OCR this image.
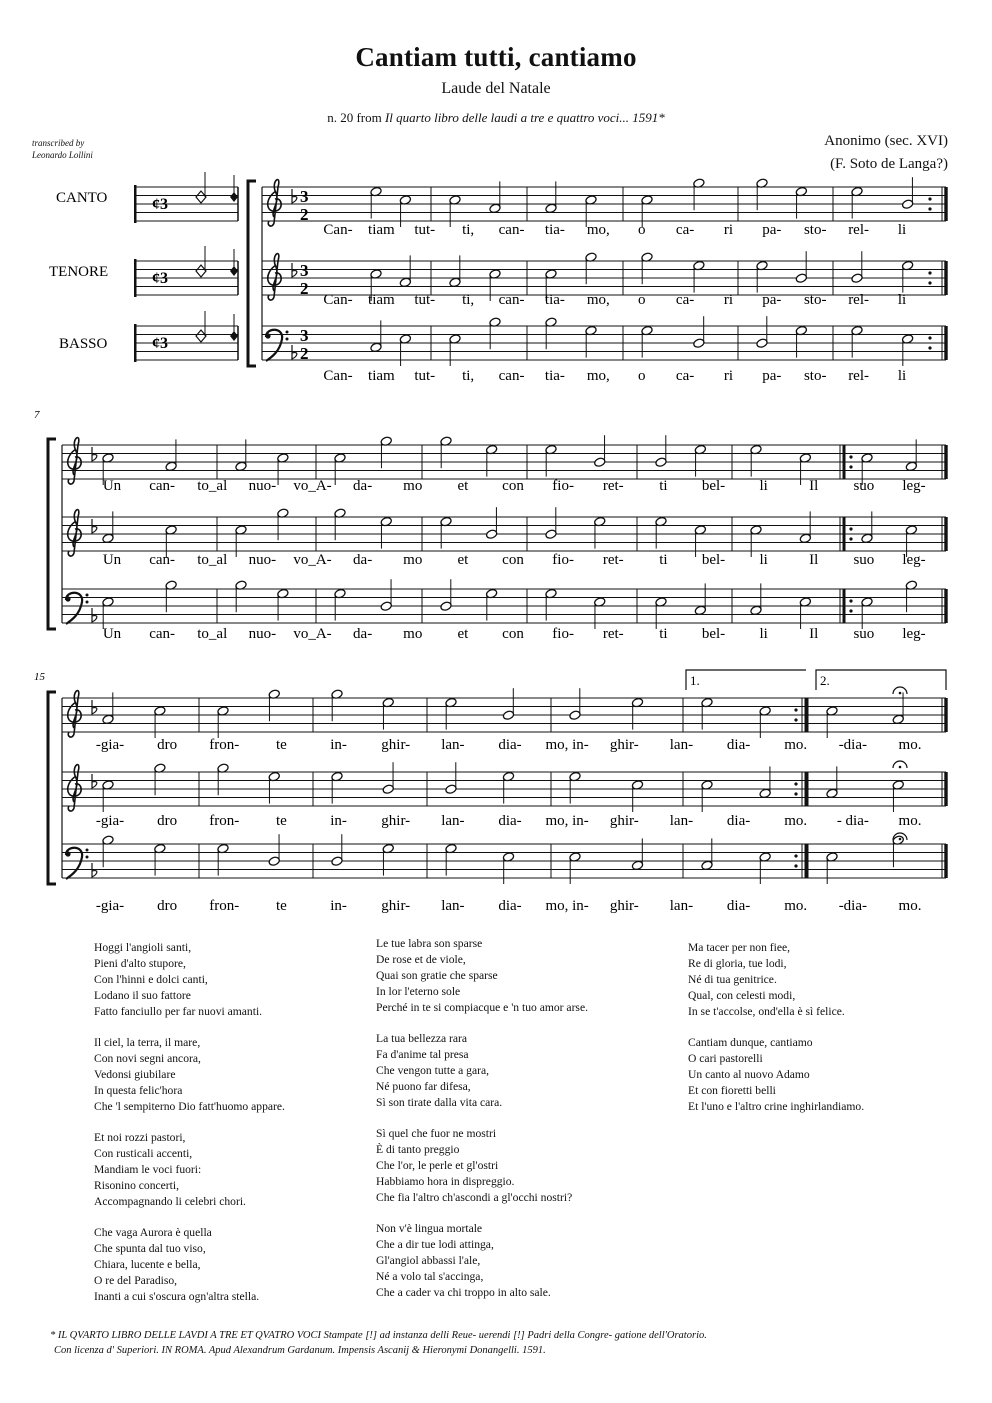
Cantiam tutti, cantiamo
Laude del Natale
n. 20 from Il quarto libro delle laudi a tre e quattro voci... 1591*
Anonimo (sec. XVI)
(F. Soto de Langa?)
transcribed by
Leonardo Lollini
¢3
¢3
¢3
3
2
3
2
3
2
CANTO
TENORE
BASSO
7
15	1.	2.
Can- tiam tut- ti, can- tia- mo, o ca- ri pa- sto- rel- li
Can- tiam tut- ti, can- tia- mo, o ca- ri pa- sto- rel- li
Can- tiam tut- ti, can- tia- mo, o ca- ri pa- sto- rel- li
Un can- to_al nuo- vo_A- da- mo et con fio- ret- ti bel- li	Il suo leg-
Un can- to_al nuo- vo_A- da- mo et con fio- ret- ti bel- li	Il suo leg-
Un can- to_al nuo- vo_A- da- mo et con fio- ret- ti bel- li	Il suo leg-
-gia- dro fron- te	in- ghir- lan- dia- mo, in- ghir- lan- dia- mo. -dia- mo.
-gia- dro fron- te	in- ghir- lan- dia- mo, in- ghir- lan- dia- mo. - dia- mo.
-gia- dro fron- te	in- ghir- lan- dia- mo, in- ghir- lan- dia- mo. -dia- mo.
Hoggi l'angioli santi,
Pieni d'alto stupore,
Con l'hinni e dolci canti,
Lodano il suo fattore
Fatto fanciullo per far nuovi amanti.
Il ciel, la terra, il mare,
Con novi segni ancora,
Vedonsi giubilare
In questa felic'hora
Che 'l sempiterno Dio fatt'huomo appare.
Et noi rozzi pastori,
Con rusticali accenti,
Mandiam le voci fuori:
Risonino concerti,
Accompagnando li celebri chori.
Che vaga Aurora è quella
Che spunta dal tuo viso,
Chiara, lucente e bella,
O re del Paradiso,
Inanti a cui s'oscura ogn'altra stella.
Le tue labra son sparse
De rose et de viole,
Quai son gratie che sparse
In lor l'eterno sole
Perché in te si compiacque e 'n tuo amor arse.
La tua bellezza rara
Fa d'anime tal presa
Che vengon tutte a gara,
Né puono far difesa,
Sì son tirate dalla vita cara.
Sì quel che fuor ne mostri
È di tanto preggio
Che l'or, le perle et gl'ostri
Habbiamo hora in dispreggio.
Che fia l'altro ch'ascondi a gl'occhi nostri?
Non v'è lingua mortale
Che a dir tue lodi attinga,
Gl'angiol abbassi l'ale,
Né a volo tal s'accinga,
Che a cader va chi troppo in alto sale.
Ma tacer per non fiee,
Re di gloria, tue lodi,
Né di tua genitrice.
Qual, con celesti modi,
In se t'accolse, ond'ella è sì felice.
Cantiam dunque, cantiamo
O cari pastorelli
Un canto al nuovo Adamo
Et con fioretti belli
Et l'uno e l'altro crine inghirlandiamo.
* IL QVARTO LIBRO DELLE LAVDI A TRE ET QVATRO VOCI Stampate [!] ad instanza delli Reue- uerendi [!] Padri della Congre- gatione dell'Oratorio.
Con licenza d' Superiori. IN ROMA. Apud Alexandrum Gardanum. Impensis Ascanij & Hieronymi Donangelli. 1591.
